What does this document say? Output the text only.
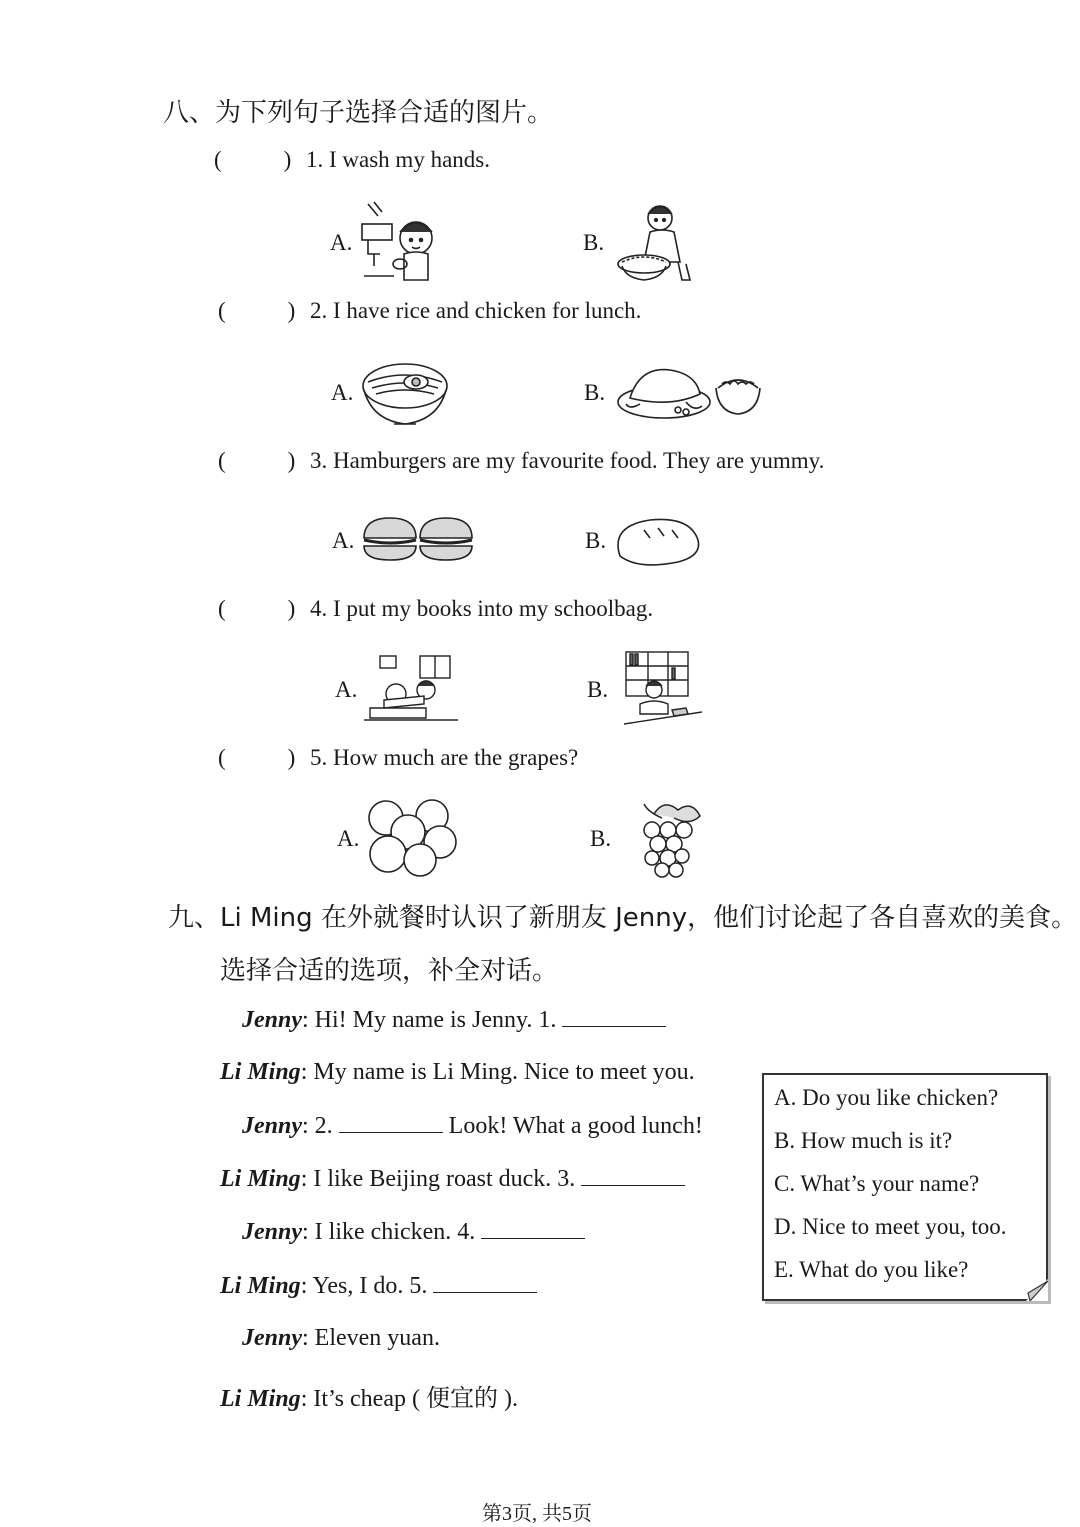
八、为下列句子选择合适的图片。
(	) 1. I wash my hands.
A.	B.
(	) 2. I have rice and chicken for lunch.
A.	B.
(	) 3. Hamburgers are my favourite food. They are yummy.
A.	B.
(	) 4. I put my books into my schoolbag.
A.	B.
(	) 5. How much are the grapes?
A.	B.
九、Li Ming 在外就餐时认识了新朋友 Jenny，他们讨论起了各自喜欢的美食。
选择合适的选项，补全对话。
Jenny: Hi! My name is Jenny. 1.
Li Ming: My name is Li Ming. Nice to meet you.
Jenny: 2.	Look! What a good lunch!
Li Ming: I like Beijing roast duck. 3.
Jenny: I like chicken. 4.
Li Ming: Yes, I do. 5.
Jenny: Eleven yuan.
Li Ming: It’s cheap ( 便宜的 ).
A. Do you like chicken?
B. How much is it?
C. What’s your name?
D. Nice to meet you, too.
E. What do you like?
第3页, 共5页
